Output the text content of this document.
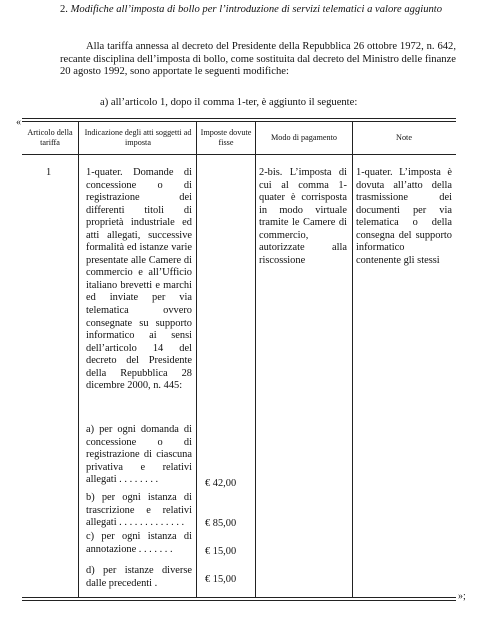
2. Modifiche all’imposta di bollo per l’introduzione di servizi telematici a valore aggiunto
Alla tariffa annessa al decreto del Presidente della Repubblica 26 ottobre 1972, n. 642, recante disciplina dell’imposta di bollo, come sostituita dal decreto del Ministro delle finanze 20 agosto 1992, sono apportate le seguenti modifiche:
a) all’articolo 1, dopo il comma 1-ter, è aggiunto il seguente:
«
»;
Articolo della tariffa
Indicazione degli atti soggetti ad imposta
Imposte dovute fisse
Modo di pagamento	Note
1	1-quater. Domande di concessione o di registrazione dei differenti titoli di proprietà industriale ed atti allegati, successive formalità ed istanze varie presentate alle Camere di commercio e all’Ufficio italiano brevetti e marchi ed inviate per via telematica ovvero consegnate su supporto informatico ai sensi dell’articolo 14 del decreto del Presidente della Repubblica 28 dicembre 2000, n. 445:
a) per ogni domanda di concessione o di registrazione di ciascuna privativa e relativi allegati . . . . . . . .
b) per ogni istanza di trascrizione e relativi allegati . . . . . . . . . . . . .
c) per ogni istanza di annotazione . . . . . . .
d) per istanze diverse dalle precedenti .
€ 42,00
€ 85,00
€ 15,00
€ 15,00
2-bis. L’imposta di cui al comma 1-quater è corrisposta in modo virtuale tramite le Camere di commercio, autorizzate alla riscossione
1-quater. L’imposta è dovuta all’atto della trasmissione dei documenti per via telematica o della consegna del supporto informatico contenente gli stessi
